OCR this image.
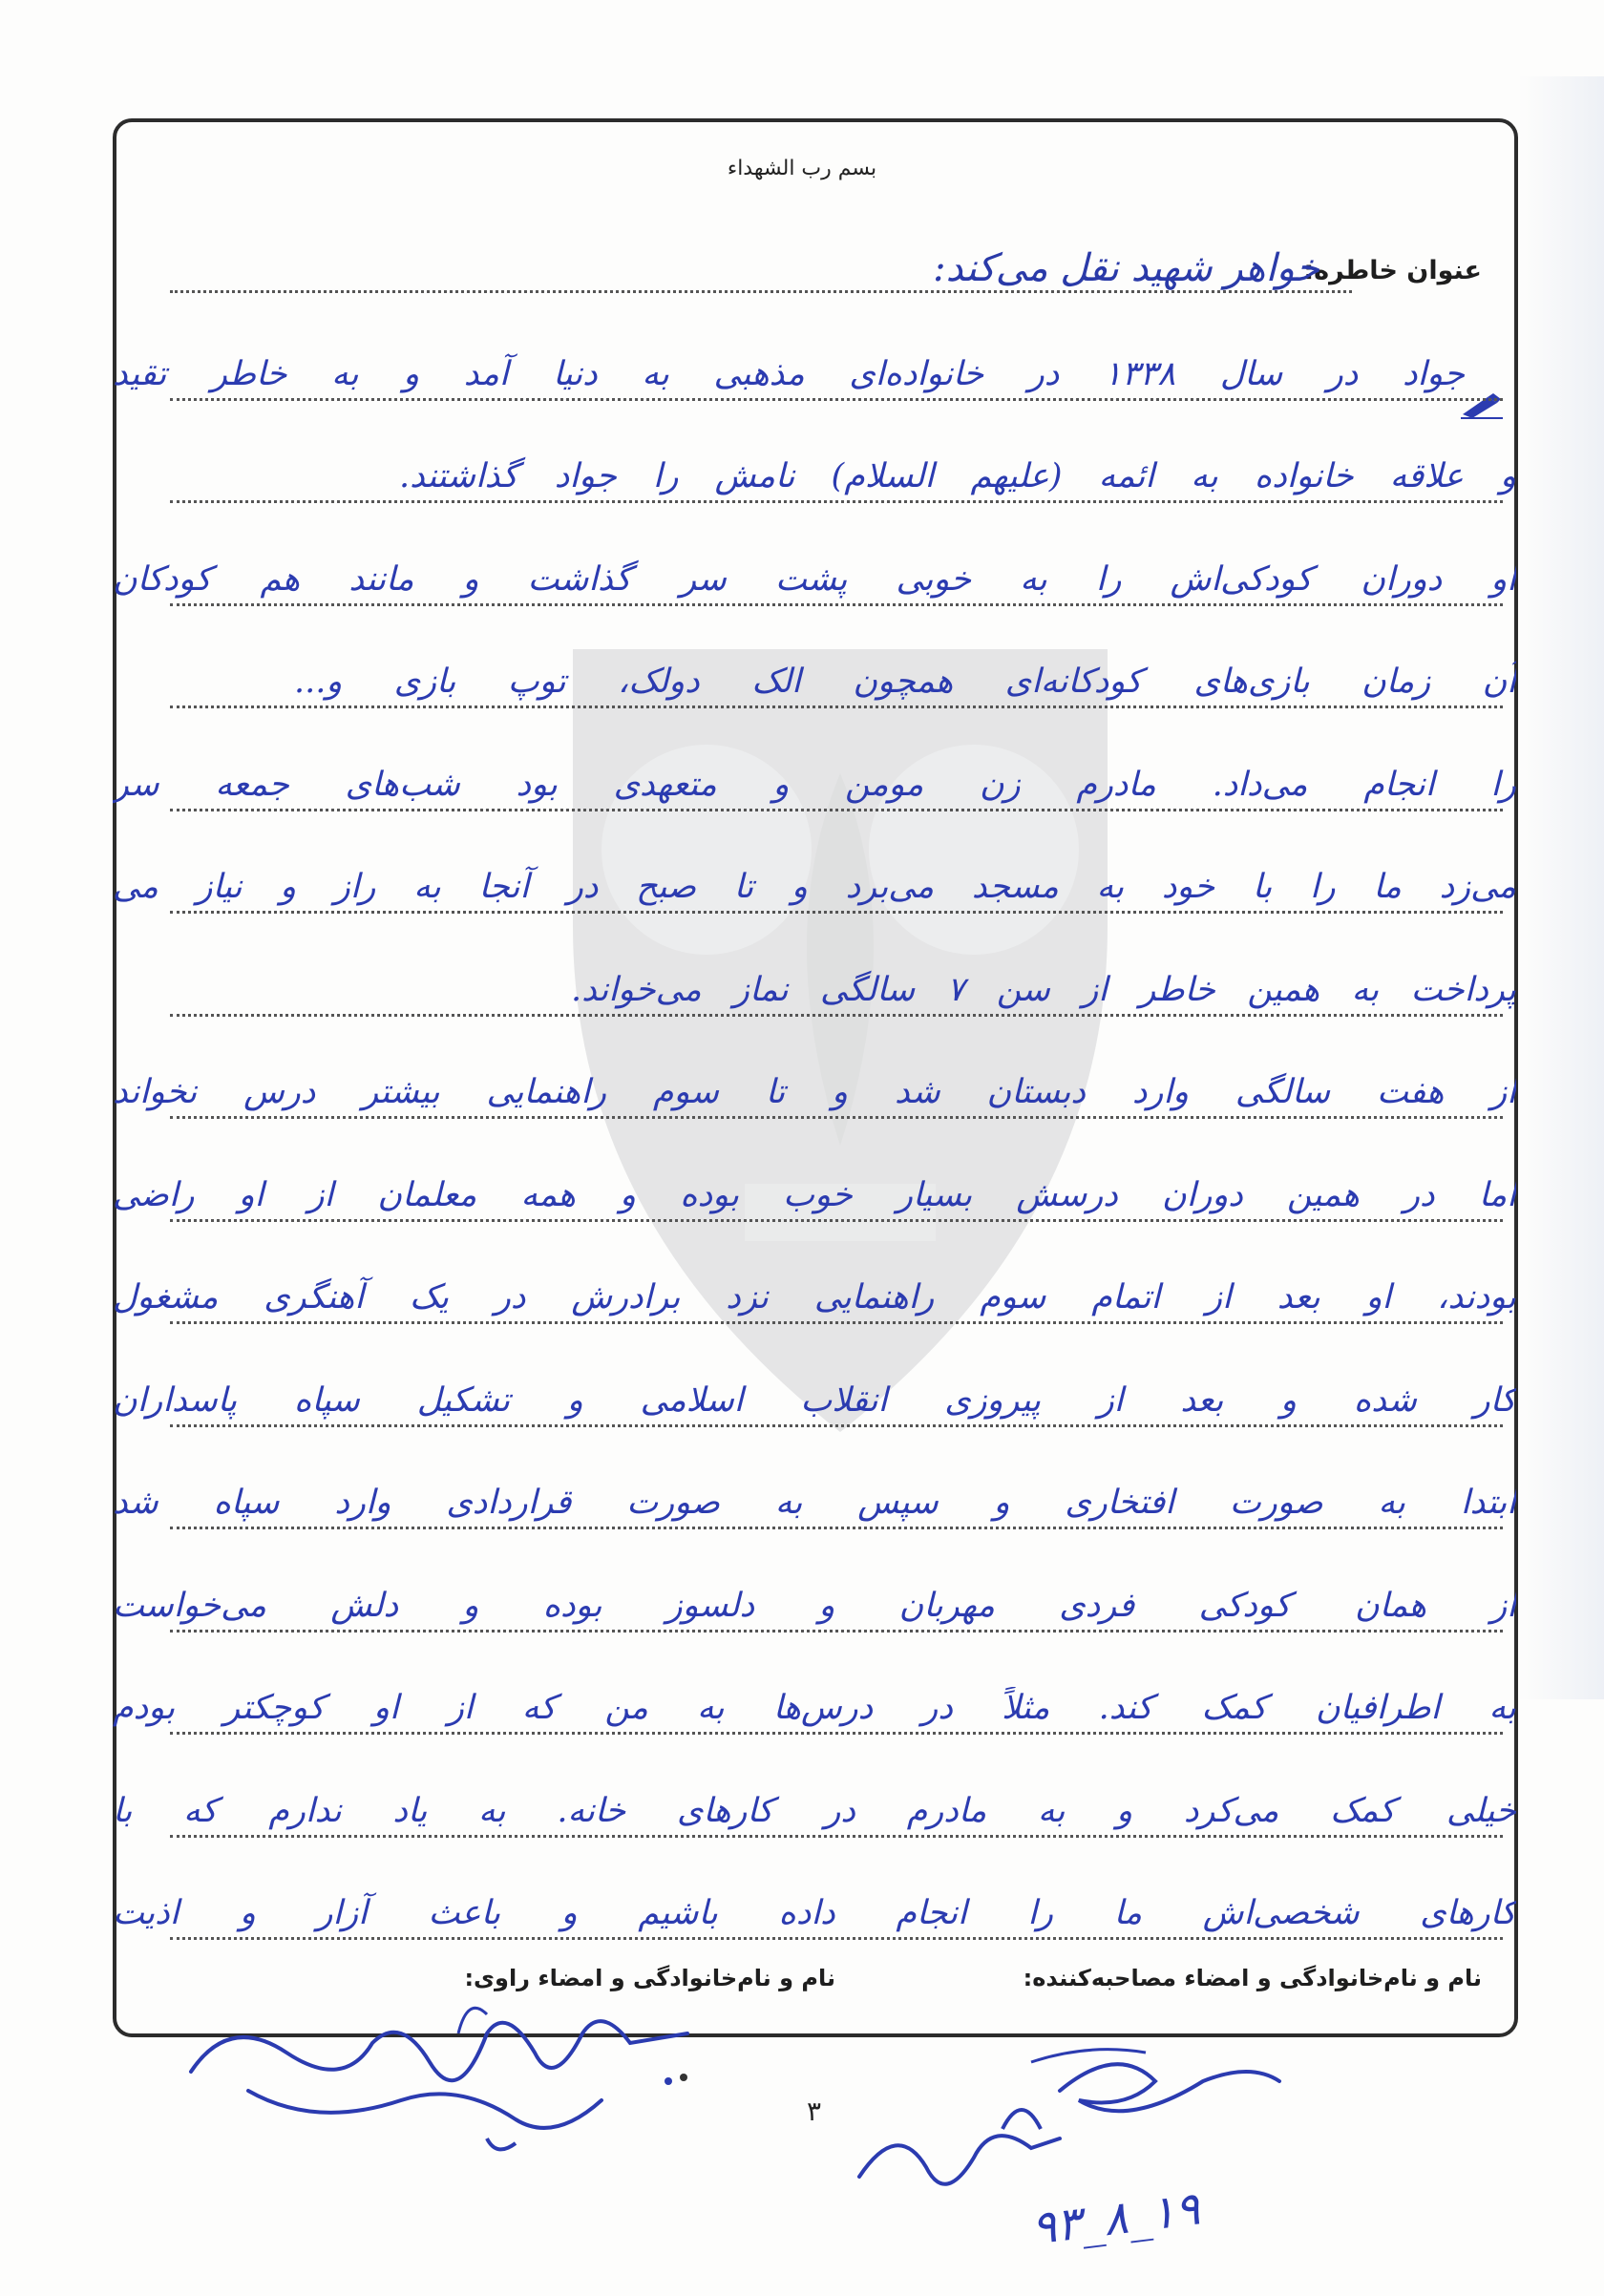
بسم رب الشهداء
عنوان خاطره:
خواهر شهید نقل می‌کند:
جواد در سال ۱۳۳۸ در خانواده‌ای مذهبی به دنیا آمد و به خاطر تقید
و علاقه خانواده به ائمه (علیهم السلام) نامش را جواد گذاشتند.
او دوران کودکی‌اش را به خوبی پشت سر گذاشت و مانند هم کودکان
آن زمان بازی‌های کودکانه‌ای همچون الک دولک، توپ بازی و...
را انجام می‌داد. مادرم زن مومن و متعهدی بود شب‌های جمعه سر
می‌زد ما را با خود به مسجد می‌برد و تا صبح در آنجا به راز و نیاز می
پرداخت به همین خاطر از سن ۷ سالگی نماز می‌خواند.
از هفت سالگی وارد دبستان شد و تا سوم راهنمایی بیشتر درس نخواند
اما در همین دوران درسش بسیار خوب بوده و همه معلمان از او راضی
بودند، او بعد از اتمام سوم راهنمایی نزد برادرش در یک آهنگری مشغول
کار شده و بعد از پیروزی انقلاب اسلامی و تشکیل سپاه پاسداران
ابتدا به صورت افتخاری و سپس به صورت قراردادی وارد سپاه شد
از همان کودکی فردی مهربان و دلسوز بوده و دلش می‌خواست
به اطرافیان کمک کند. مثلاً در درس‌ها به من که از او کوچکتر بودم
خیلی کمک می‌کرد و به مادرم در کارهای خانه. به یاد ندارم که با
کارهای شخصی‌اش ما را انجام داده باشیم و باعث آزار و اذیت
نام و نام‌خانوادگی و امضاء مصاحبه‌کننده:
نام و نام‌خانوادگی و امضاء راوی:
۳
۹۳_۸_۱۹
